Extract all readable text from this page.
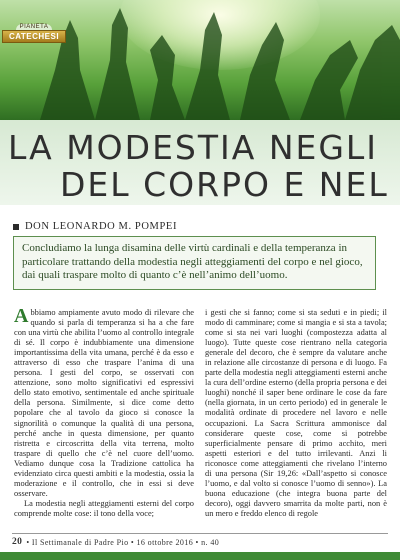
PIANETA
CATECHESI
LA MODESTIA NEGLI
DEL CORPO E NEL
DON LEONARDO M. POMPEI
Concludiamo la lunga disamina delle virtù cardinali e della temperanza in particolare trattando della modestia negli atteggiamenti del corpo e nel gioco, dai quali traspare molto di quanto c’è nell’animo dell’uomo.

Abbiamo ampiamente avuto modo di rilevare che quando si parla di temperanza si ha a che fare con una virtù che abilita l’uomo al controllo integrale di sé. Il corpo è indubbiamente una dimensione importantissima della vita umana, perché è da esso e attraverso di esso che traspare l’anima di una persona. I gesti del corpo, se osservati con attenzione, sono molto significativi ed espressivi dello stato emotivo, sentimentale ed anche spirituale della persona. Similmente, si dice come detto popolare che al tavolo da gioco si conosce la signorilità o comunque la qualità di una persona, perché anche in questa dimensione, per quanto ristretta e circoscritta della vita terrena, molto traspare di quello che c’è nel cuore dell’uomo. Vediamo dunque cosa la Tradizione cattolica ha evidenziato circa questi ambiti e la modestia, ossia la moderazione e il controllo, che in essi si deve osservare.

La modestia negli atteggiamenti esterni del corpo comprende molte cose: il tono della voce;

i gesti che si fanno; come si sta seduti e in piedi; il modo di camminare; come si mangia e si sta a tavola; come si sta nei vari luoghi (compostezza adatta al luogo). Tutte queste cose rientrano nella categoria generale del decoro, che è sempre da valutare anche in relazione alle circostanze di persona e di luogo. Fa parte della modestia negli atteggiamenti esterni anche la cura dell’ordine esterno (della propria persona e dei luoghi) nonché il saper bene ordinare le cose da fare (nella giornata, in un certo periodo) ed in generale le modalità ordinate di procedere nel lavoro e nelle occupazioni. La Sacra Scrittura ammonisce dal considerare queste cose, come si potrebbe superficialmente pensare di primo acchito, meri aspetti esteriori e del tutto irrilevanti. Anzi li riconosce come atteggiamenti che rivelano l’interno di una persona (Sir 19,26: «Dall’aspetto si conosce l’uomo, e dal volto si conosce l’uomo di senno»). La buona educazione (che integra buona parte del decoro), oggi davvero smarrita da molte parti, non è un mero e freddo elenco di regole

20 • Il Settimanale di Padre Pio • 16 ottobre 2016 • n. 40
